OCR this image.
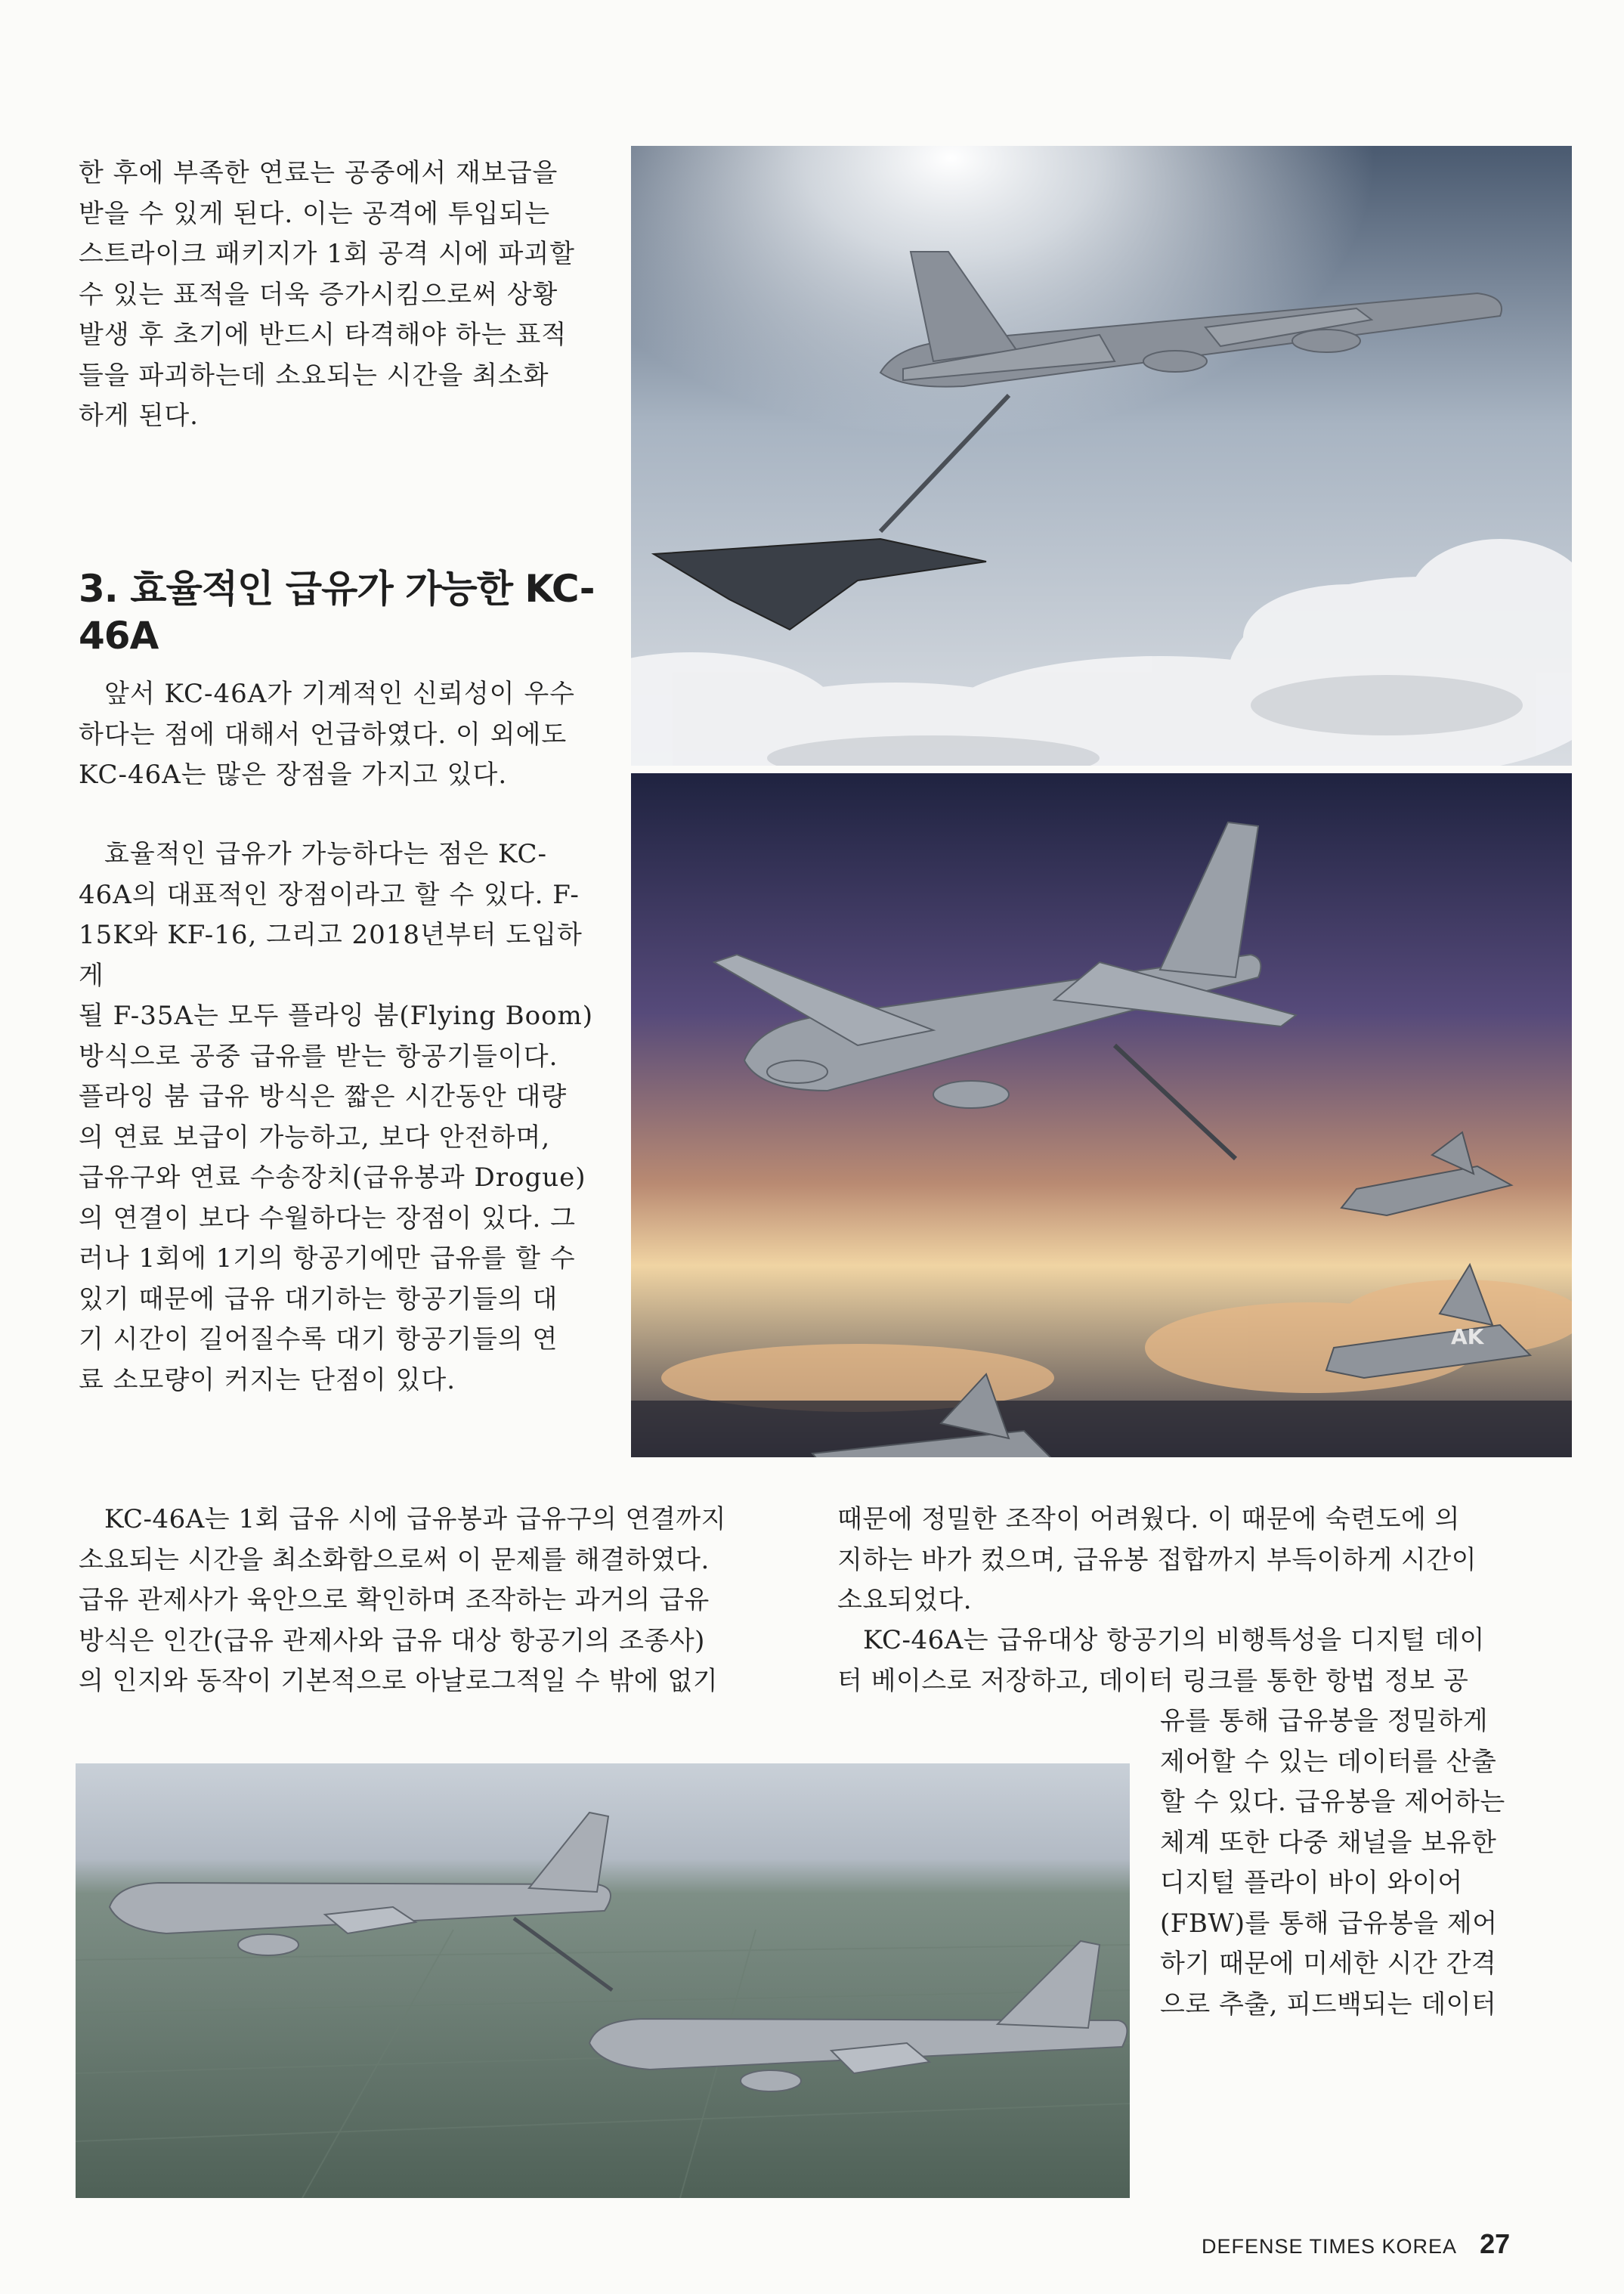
한 후에 부족한 연료는 공중에서 재보급을

받을 수 있게 된다. 이는 공격에 투입되는

스트라이크 패키지가 1회 공격 시에 파괴할

수 있는 표적을 더욱 증가시킴으로써 상황

발생 후 초기에 반드시 타격해야 하는 표적

들을 파괴하는데 소요되는 시간을 최소화

하게 된다.

3. 효율적인 급유가 가능한 KC-
46A

앞서 KC-46A가 기계적인 신뢰성이 우수

하다는 점에 대해서 언급하였다. 이 외에도

KC-46A는 많은 장점을 가지고 있다.

효율적인 급유가 가능하다는 점은 KC-

46A의 대표적인 장점이라고 할 수 있다. F-

15K와 KF-16, 그리고 2018년부터 도입하게

될 F-35A는 모두 플라잉 붐(Flying Boom)

방식으로 공중 급유를 받는 항공기들이다.

플라잉 붐 급유 방식은 짧은 시간동안 대량

의 연료 보급이 가능하고, 보다 안전하며,

급유구와 연료 수송장치(급유봉과 Drogue)

의 연결이 보다 수월하다는 장점이 있다. 그

러나 1회에 1기의 항공기에만 급유를 할 수

있기 때문에 급유 대기하는 항공기들의 대

기 시간이 길어질수록 대기 항공기들의 연

료 소모량이 커지는 단점이 있다.

KC-46A는 1회 급유 시에 급유봉과 급유구의 연결까지

소요되는 시간을 최소화함으로써 이 문제를 해결하였다.

급유 관제사가 육안으로 확인하며 조작하는 과거의 급유

방식은 인간(급유 관제사와 급유 대상 항공기의 조종사)

의 인지와 동작이 기본적으로 아날로그적일 수 밖에 없기

때문에 정밀한 조작이 어려웠다. 이 때문에 숙련도에 의

지하는 바가 컸으며, 급유봉 접합까지 부득이하게 시간이

소요되었다.

KC-46A는 급유대상 항공기의 비행특성을 디지털 데이

터 베이스로 저장하고, 데이터 링크를 통한 항법 정보 공

유를 통해 급유봉을 정밀하게

제어할 수 있는 데이터를 산출

할 수 있다. 급유봉을 제어하는

체계 또한 다중 채널을 보유한

디지털 플라이 바이 와이어

(FBW)를 통해 급유봉을 제어

하기 때문에 미세한 시간 간격

으로 추출, 피드백되는 데이터

AK
DEFENSE TIMES KOREA 27
